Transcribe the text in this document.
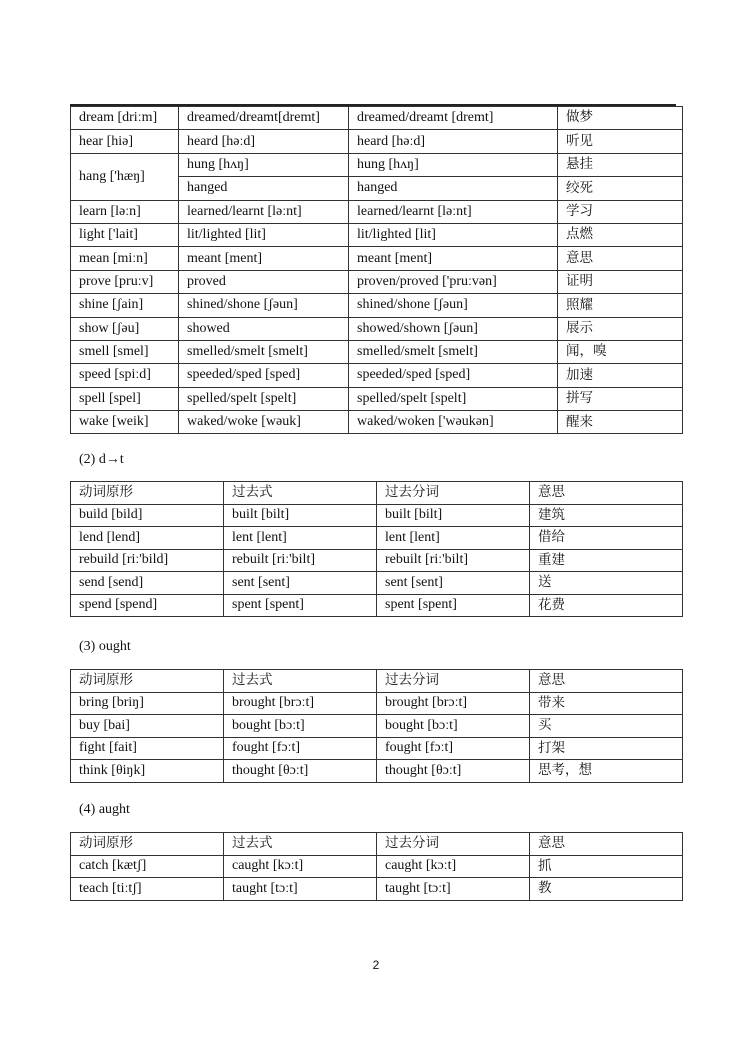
dream [driːm]	dreamed/dreamt[dremt]	dreamed/dreamt [dremt]	做梦
hear [hiə]	heard [həːd]	heard [həːd]	听见
hang ['hæŋ]	hung [hʌŋ]	hung [hʌŋ]	悬挂
	hanged	hanged	绞死
learn [ləːn]	learned/learnt [ləːnt]	learned/learnt [ləːnt]	学习
light ['lait]	lit/lighted [lit]	lit/lighted [lit]	点燃
mean [miːn]	meant [ment]	meant [ment]	意思
prove [pruːv]	proved	proven/proved ['pruːvən]	证明
shine [ʃain]	shined/shone [ʃəun]	shined/shone [ʃəun]	照耀
show [ʃəu]	showed	showed/shown [ʃəun]	展示
smell [smel]	smelled/smelt [smelt]	smelled/smelt [smelt]	闻，嗅
speed [spiːd]	speeded/sped [sped]	speeded/sped [sped]	加速
spell [spel]	spelled/spelt [spelt]	spelled/spelt [spelt]	拼写
wake [weik]	waked/woke [wəuk]	waked/woken ['wəukən]	醒来
(2) d→t
动词原形	过去式	过去分词	意思
build [bild]	built [bilt]	built [bilt]	建筑
lend [lend]	lent [lent]	lent [lent]	借给
rebuild [riː'bild]	rebuilt [riː'bilt]	rebuilt [riː'bilt]	重建
send [send]	sent [sent]	sent [sent]	送
spend [spend]	spent [spent]	spent [spent]	花费
(3) ought
动词原形	过去式	过去分词	意思
bring [briŋ]	brought [brɔːt]	brought [brɔːt]	带来
buy [bai]	bought [bɔːt]	bought [bɔːt]	买
fight [fait]	fought [fɔːt]	fought [fɔːt]	打架
think [θiŋk]	thought [θɔːt]	thought [θɔːt]	思考，想
(4) aught
动词原形	过去式	过去分词	意思
catch [kætʃ]	caught [kɔːt]	caught [kɔːt]	抓
teach [tiːtʃ]	taught [tɔːt]	taught [tɔːt]	教
2
